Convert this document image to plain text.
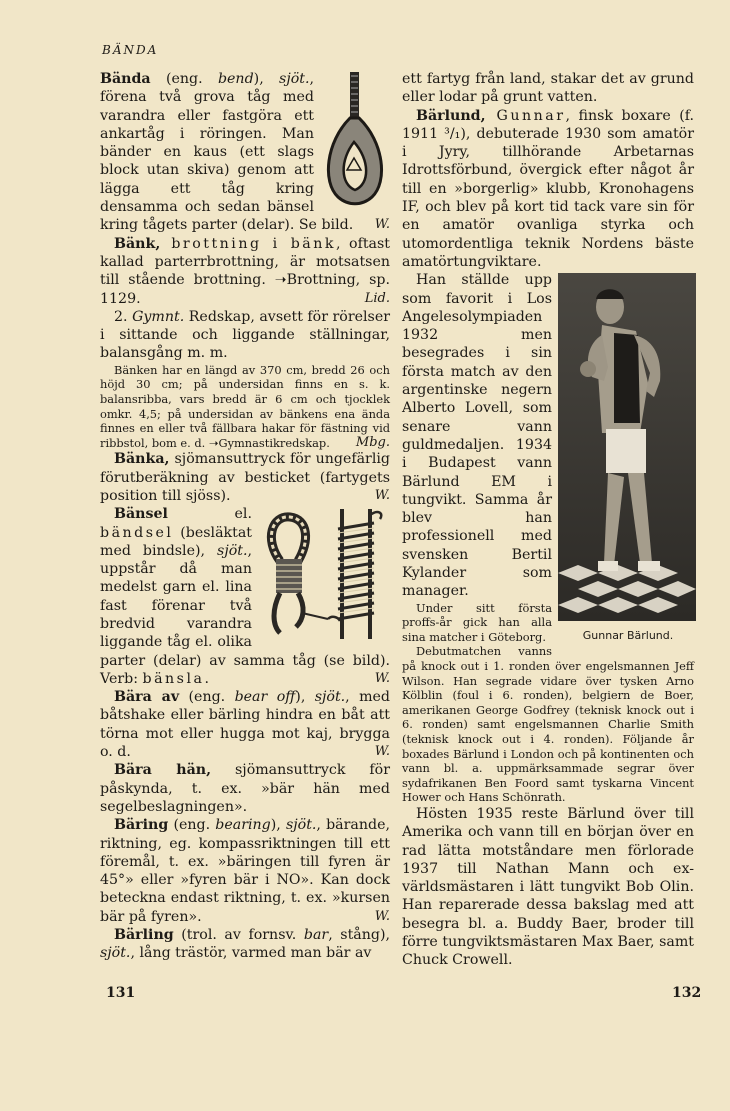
BÄNDA

Bända (eng. bend), sjöt., förena två grova tåg med varandra eller fastgöra ett ankartåg i röringen. Man bänder en kaus (ett slags block utan skiva) genom att lägga ett tåg kring densamma och sedan bänsel kring tågets parter (delar). Se bild. W.

Bänk, brottning i bänk, oftast kallad parterrbrottning, är motsatsen till stående brottning. ➝Brottning, sp. 1129.	Lid.

2. Gymnt. Redskap, avsett för rörelser i sittande och liggande ställningar, balansgång m. m.

Bänken har en längd av 370 cm, bredd 26 och höjd 30 cm; på undersidan finns en s. k. balansribba, vars bredd är 6 cm och tjocklek omkr. 4,5; på undersidan av bänkens ena ända finnes en eller två fällbara hakar för fästning vid ribbstol, bom e. d. ➝Gymnastikredskap.	Mbg.

Bänka, sjömansuttryck för ungefärlig förutberäkning av besticket (fartygets position till sjöss).	W.

Bänsel el. bändsel (besläktat med bindsle), sjöt., uppstår då man medelst garn el. lina fast förenar två bredvid varandra liggande tåg el. olika parter (delar) av samma tåg (se bild). Verb: bänsla.	W.

Bära av (eng. bear off), sjöt., med båtshake eller bärling hindra en båt att törna mot eller hugga mot kaj, brygga o. d.	W.

Bära hän, sjömansuttryck för påskynda, t. ex. »bär hän med segelbeslagningen».

Bäring (eng. bearing), sjöt., bärande, riktning, eg. kompassriktningen till ett föremål, t. ex. »bäringen till fyren är 45°» eller »fyren bär i NO». Kan dock beteckna endast riktning, t. ex. »kursen bär på fyren».	W.

Bärling (trol. av fornsv. bar, stång), sjöt., lång trästör, varmed man bär av

ett fartyg från land, stakar det av grund eller lodar på grunt vatten.

Bärlund, Gunnar, finsk boxare (f. 1911 ³/₁), debuterade 1930 som amatör i Jyry, tillhörande Arbetarnas Idrottsförbund, övergick efter något år till en »borgerlig» klubb, Kronohagens IF, och blev på kort tid tack vare sin för en amatör ovanliga styrka och utomordentliga teknik Nordens bäste amatörtungviktare.

Gunnar Bärlund.

Han ställde upp som favorit i Los Angelesolympiaden 1932 men besegrades i sin första match av den argentinske negern Alberto Lovell, som senare vann guldmedaljen. 1934 i Budapest vann Bärlund EM i tungvikt. Samma år blev han professionell med svensken Bertil Kylander som manager.

Under sitt första proffs-år gick han alla sina matcher i Göteborg.

Debutmatchen vanns på knock out i 1. ronden över engelsmannen Jeff Wilson. Han segrade vidare över tysken Arno Kölblin (foul i 6. ronden), belgiern de Boer, amerikanen George Godfrey (teknisk knock out i 6. ronden) samt engelsmannen Charlie Smith (teknisk knock out i 4. ronden). Följande år boxades Bärlund i London och på kontinenten och vann bl. a. uppmärksammade segrar över sydafrikanen Ben Foord samt tyskarna Vincent Hower och Hans Schönrath.

Hösten 1935 reste Bärlund över till Amerika och vann till en början över en rad lätta motståndare men förlorade 1937 till Nathan Mann och ex-världsmästaren i lätt tungvikt Bob Olin. Han reparerade dessa bakslag med att besegra bl. a. Buddy Baer, broder till förre tungviktsmästaren Max Baer, samt Chuck Crowell.

131	132
